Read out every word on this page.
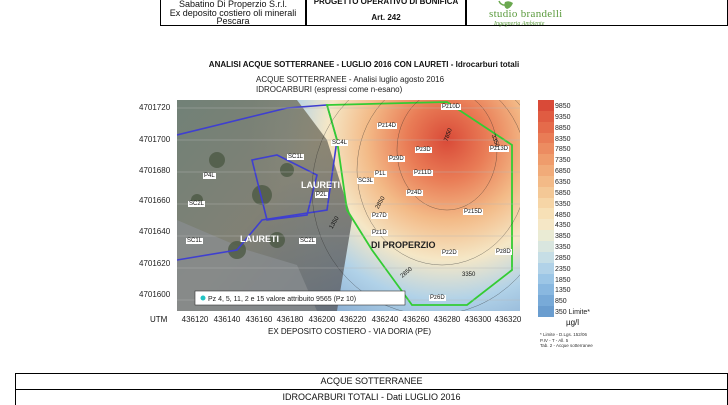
Sabatino Di Properzio S.r.l.
Ex deposito costiero oli minerali
Pescara
PROGETTO OPERATIVO DI BONIFICA
Art. 242	studio brandelli
Ingegneria Ambiente
ANALISI ACQUE SOTTERRANEE - LUGLIO 2016 CON LAURETI - Idrocarburi totali
ACQUE SOTTERRANEE - Analisi luglio agosto 2016
IDROCARBURI (espressi come n-esano)
Pz 4, 5, 11, 2 e 15 valore attribuito 9565 (Pz 10)
LAURETI
LAURETI
DI PROPERZIO
Pz10D
Pz14D
SC4L
Pz3D	Pz13D
SC1L	Pz9D
Pz11D
P4L	P1L
SC3L
Pz4D
SC2L
P2L
Pz15D
Pz7D
SC1L
Pz1D
Pz2D	Pz8D
SC2L
Pz6D
7850
2850
3350
2850
1350
3350
4701720
4701700
4701680
4701660
4701640
4701620
4701600
UTM 436120 436140 436160 436180 436200 436220 436240 436260 436280 436300 436320
EX DEPOSITO COSTIERO - VIA DORIA (PE)
9850
9350
8850
8350
7850
7350
6850
6350
5850
5350
4850
4350
3850
3350
2850
2350
1850
1350
850
350 Limite*
µg/l
* Limite - D.Lgs. 152/06
P.IV - T - All. 5
Tab. 2 - Acque sotterranee
ACQUE SOTTERRANEE
IDROCARBURI TOTALI - Dati LUGLIO 2016
